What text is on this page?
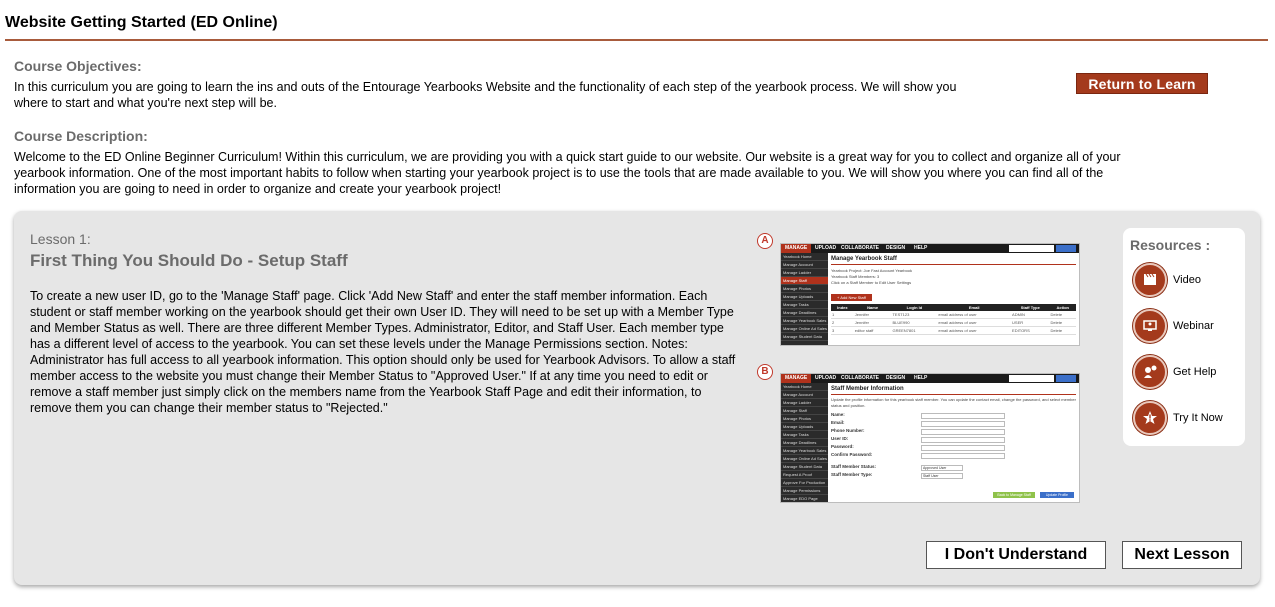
Website Getting Started (ED Online)
Course Objectives:
In this curriculum you are going to learn the ins and outs of the Entourage Yearbooks Website and the functionality of each step of the yearbook process. We will show you
where to start and what you're next step will be.
Return to Learn
Course Description:
Welcome to the ED Online Beginner Curriculum! Within this curriculum, we are providing you with a quick start guide to our website. Our website is a great way for you to collect and organize all of your
yearbook information. One of the most important habits to follow when starting your yearbook project is to use the tools that are made available to you. We will show you where you can find all of the
information you are going to need in order to organize and create your yearbook project!
Lesson 1:
First Thing You Should Do - Setup Staff
To create a new user ID, go to the 'Manage Staff' page. Click 'Add New Staff' and enter the staff member information. Each student or staff member working on the yearbook should get their own User ID. They will need to be set up with a Member Type and Member Status as well. There are three different Member Types. Administrator, Editor, and Staff User. Each member type has a different level of access to the yearbook. You can set these levels under the Manage Permissions section. Notes: Administrator has full access to all yearbook information. This option should only be used for Yearbook Advisors. To allow a staff member access to the website you must change their Member Status to "Approved User." If at any time you need to edit or remove a staff member just simply click on the members name from the Yearbook Staff Page and edit their information, to remove them you can change their member status to "Rejected."
A
MANAGE	UPLOAD COLLABORATE DESIGN HELP
Yearbook Home
Manage Account
Manage Ladder
Manage Staff
Manage Photos
Manage Uploads
Manage Tasks
Manage Deadlines
Manage Yearbook Sales
Manage Online Ad Sales
Manage Student Data
Manage Yearbook Staff
Yearbook Project: Joe Fast Account Yearbook
Yearbook Staff Members: 3
Click on a Staff Member to Edit User Settings
+ Add New Staff
Index	Name	Login Id	Email	Staff Type	Action
1	Jennifer	TEST123	email address of user	ADMIN	Delete
2	Jennifer	BLUE990	email address of user	USER	Delete
3	editor staff	GREEN7801	email address of user	EDITORS	Delete
B
MANAGE	UPLOAD COLLABORATE DESIGN HELP
Yearbook Home
Manage Account
Manage Ladder
Manage Staff
Manage Photos
Manage Uploads
Manage Tasks
Manage Deadlines
Manage Yearbook Sales
Manage Online Ad Sales
Manage Student Data
Request A Proof
Approve For Production
Manage Permissions
Manage EDO Page
Staff Member Information
Update the profile information for this yearbook staff member. You can update the contact email, change the password, and select member status and position.
Name:
Email:
Phone Number:
User ID:
Password:
Confirm Password:
Staff Member Status:	Approved User
Staff Member Type:	Staff User
Back to Manage Staff	Update Profile
Resources :
Video
Webinar
Get Help
Try It Now
I Don't Understand	Next Lesson
